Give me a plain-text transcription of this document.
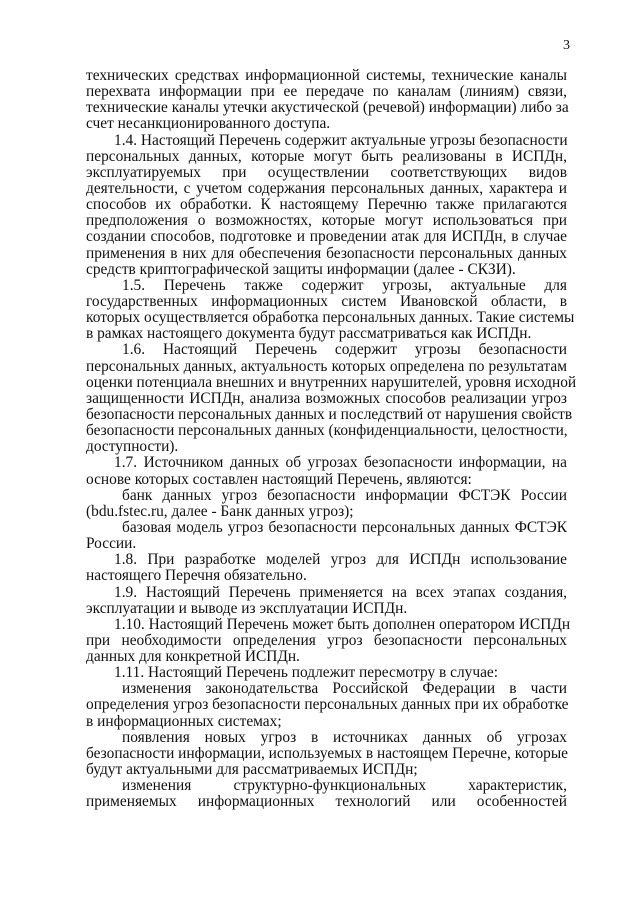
3
технических средствах информационной системы, технические каналы
перехвата информации при ее передаче по каналам (линиям) связи,
технические каналы утечки акустической (речевой) информации) либо за
счет несанкционированного доступа.
1.4. Настоящий Перечень содержит актуальные угрозы безопасности
персональных данных, которые могут быть реализованы в ИСПДн,
эксплуатируемых при осуществлении соответствующих видов
деятельности, с учетом содержания персональных данных, характера и
способов их обработки. К настоящему Перечню также прилагаются
предположения о возможностях, которые могут использоваться при
создании способов, подготовке и проведении атак для ИСПДн, в случае
применения в них для обеспечения безопасности персональных данных
средств криптографической защиты информации (далее - СКЗИ).
1.5. Перечень также содержит угрозы, актуальные для
государственных информационных систем Ивановской области, в
которых осуществляется обработка персональных данных. Такие системы
в рамках настоящего документа будут рассматриваться как ИСПДн.
1.6. Настоящий Перечень содержит угрозы безопасности
персональных данных, актуальность которых определена по результатам
оценки потенциала внешних и внутренних нарушителей, уровня исходной
защищенности ИСПДн, анализа возможных способов реализации угроз
безопасности персональных данных и последствий от нарушения свойств
безопасности персональных данных (конфиденциальности, целостности,
доступности).
1.7. Источником данных об угрозах безопасности информации, на
основе которых составлен настоящий Перечень, являются:
банк данных угроз безопасности информации ФСТЭК России
(bdu.fstec.ru, далее - Банк данных угроз);
базовая модель угроз безопасности персональных данных ФСТЭК
России.
1.8. При разработке моделей угроз для ИСПДн использование
настоящего Перечня обязательно.
1.9. Настоящий Перечень применяется на всех этапах создания,
эксплуатации и выводе из эксплуатации ИСПДн.
1.10. Настоящий Перечень может быть дополнен оператором ИСПДн
при необходимости определения угроз безопасности персональных
данных для конкретной ИСПДн.
1.11. Настоящий Перечень подлежит пересмотру в случае:
изменения законодательства Российской Федерации в части
определения угроз безопасности персональных данных при их обработке
в информационных системах;
появления новых угроз в источниках данных об угрозах
безопасности информации, используемых в настоящем Перечне, которые
будут актуальными для рассматриваемых ИСПДн;
изменения структурно-функциональных характеристик,
применяемых информационных технологий или особенностей
